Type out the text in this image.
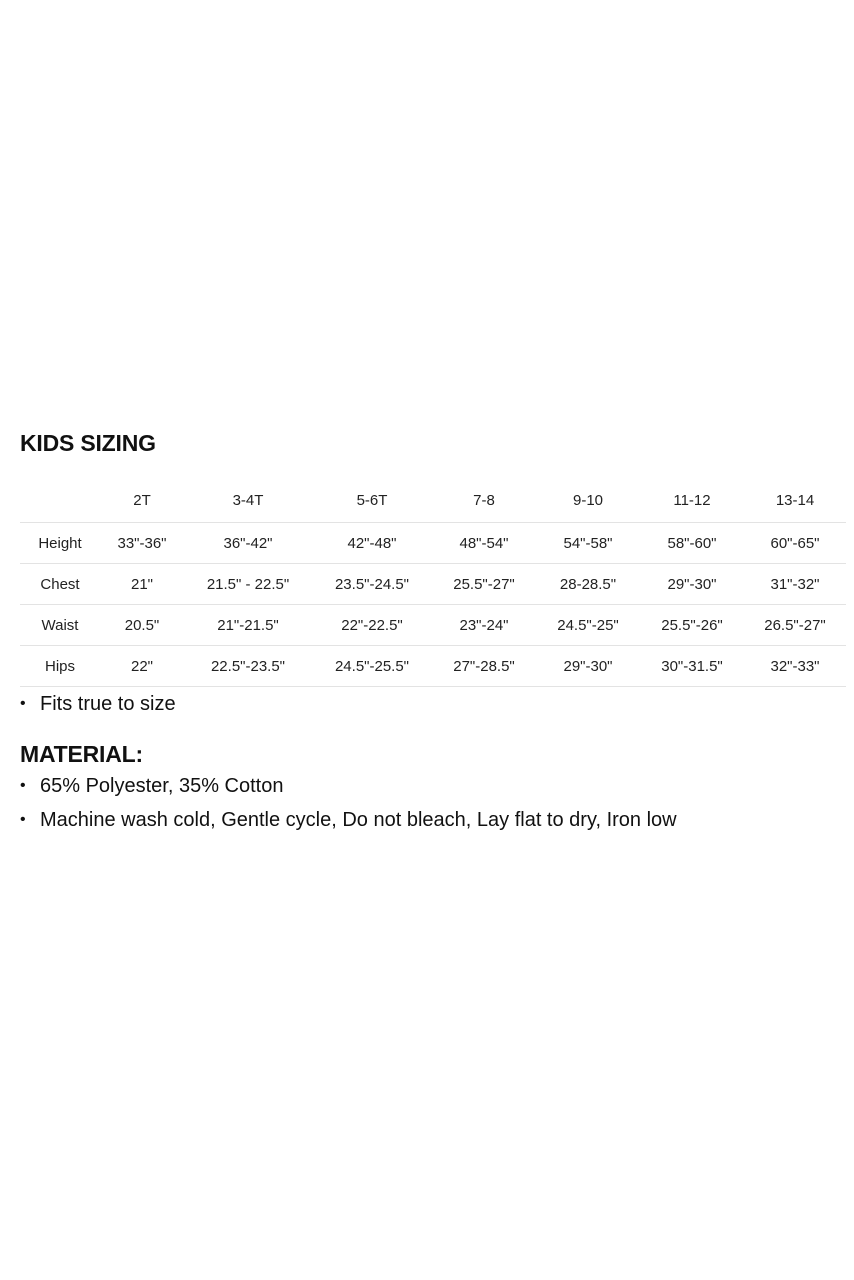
KIDS SIZING
	2T	3-4T	5-6T	7-8	9-10	11-12	13-14
Height	33"-36"	36"-42"	42"-48"	48"-54"	54"-58"	58"-60"	60"-65"
Chest	21"	21.5" - 22.5"	23.5"-24.5"	25.5"-27"	28-28.5"	29"-30"	31"-32"
Waist	20.5"	21"-21.5"	22"-22.5"	23"-24"	24.5"-25"	25.5"-26"	26.5"-27"
Hips	22"	22.5"-23.5"	24.5"-25.5"	27"-28.5"	29"-30"	30"-31.5"	32"-33"
• Fits true to size
MATERIAL:
• 65% Polyester, 35% Cotton
• Machine wash cold, Gentle cycle, Do not bleach, Lay flat to dry, Iron low
